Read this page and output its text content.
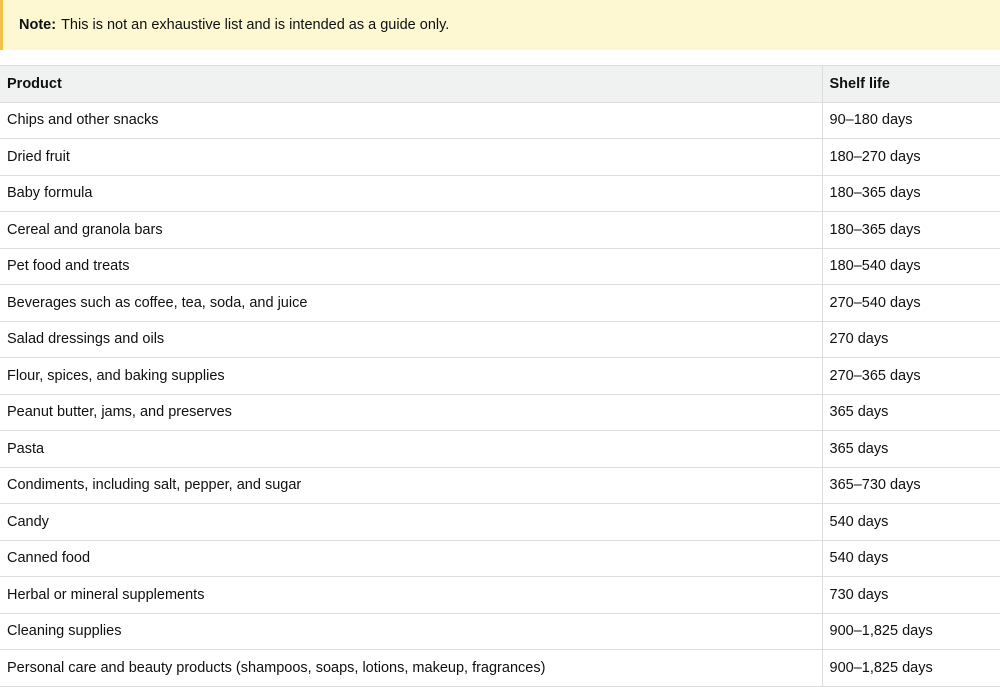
Note: This is not an exhaustive list and is intended as a guide only.
Product	Shelf life
Chips and other snacks	90–180 days
Dried fruit	180–270 days
Baby formula	180–365 days
Cereal and granola bars	180–365 days
Pet food and treats	180–540 days
Beverages such as coffee, tea, soda, and juice	270–540 days
Salad dressings and oils	270 days
Flour, spices, and baking supplies	270–365 days
Peanut butter, jams, and preserves	365 days
Pasta	365 days
Condiments, including salt, pepper, and sugar	365–730 days
Candy	540 days
Canned food	540 days
Herbal or mineral supplements	730 days
Cleaning supplies	900–1,825 days
Personal care and beauty products (shampoos, soaps, lotions, makeup, fragrances)	900–1,825 days
